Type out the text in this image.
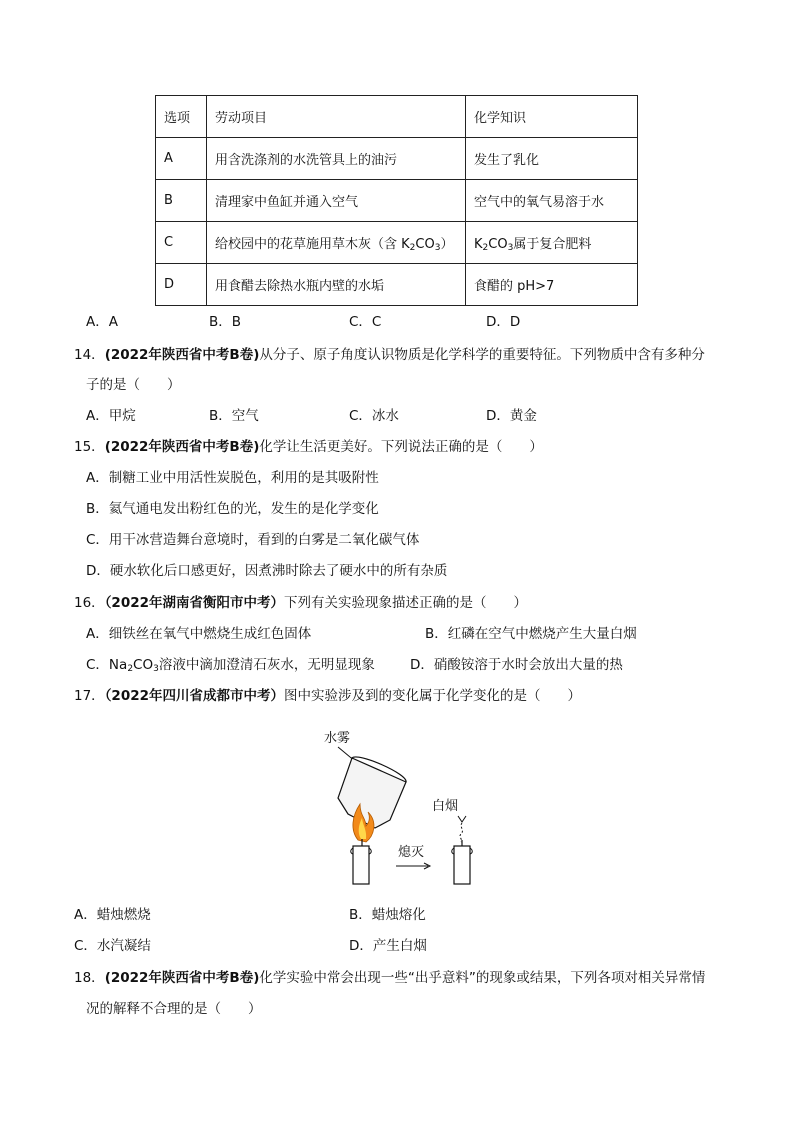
选项	劳动项目	化学知识
A	用含洗涤剂的水洗管具上的油污	发生了乳化
B	清理家中鱼缸并通入空气	空气中的氧气易溶于水
C	给校园中的花草施用草木灰（含 $K_2CO_3$）	$K_2CO_3$属于复合肥料
D	用食醋去除热水瓶内壁的水垢	食醋的 pH>7
A．A	B．B	C．C	D．D
14．(2022年陕西省中考B卷)从分子、原子角度认识物质是化学科学的重要特征。下列物质中含有多种分
子的是（　　）
A．甲烷	B．空气	C．冰水	D．黄金
15．(2022年陕西省中考B卷)化学让生活更美好。下列说法正确的是（　　）
A．制糖工业中用活性炭脱色，利用的是其吸附性
B．氦气通电发出粉红色的光，发生的是化学变化
C．用干冰营造舞台意境时，看到的白雾是二氧化碳气体
D．硬水软化后口感更好，因煮沸时除去了硬水中的所有杂质
16．（2022年湖南省衡阳市中考）下列有关实验现象描述正确的是（　　）
A．细铁丝在氧气中燃烧生成红色固体	B．红磷在空气中燃烧产生大量白烟
C．$Na_2CO_3$溶液中滴加澄清石灰水，无明显现象	D．硝酸铵溶于水时会放出大量的热
17．（2022年四川省成都市中考）图中实验涉及到的变化属于化学变化的是（　　）
水雾
熄灭
白烟
A．蜡烛燃烧	B．蜡烛熔化
C．水汽凝结	D．产生白烟
18．(2022年陕西省中考B卷)化学实验中常会出现一些“出乎意料”的现象或结果，下列各项对相关异常情
况的解释不合理的是（　　）
